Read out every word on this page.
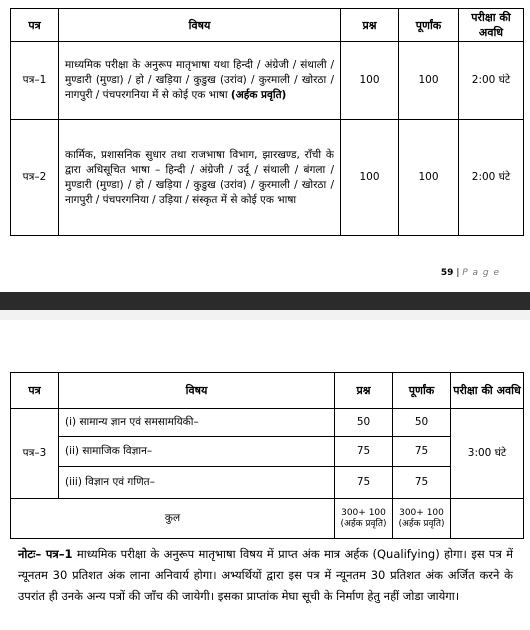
पत्र	विषय	प्रश्न	पूर्णांक	परीक्षा की अवधि
पत्र–1	माध्यमिक परीक्षा के अनुरूप मातृभाषा यथा हिन्दी / अंग्रेजी / संथाली / मुण्डारी (मुण्डा) / हो / खड़िया / कुडुख (उरांव) / कुरमाली / खोरठा / नागपुरी / पंचपरगनिया में से कोई एक भाषा (अर्हक प्रवृति)	100	100	2:00 घंटे
पत्र–2	कार्मिक, प्रशासनिक सुधार तथा राजभाषा विभाग, झारखण्ड, राँची के द्वारा अधिसूचित भाषा – हिन्दी / अंग्रेजी / उर्दू / संथाली / बंगला / मुण्डारी (मुण्डा) / हो / खड़िया / कुडुख (उरांव) / कुरमाली / खोरठा / नागपुरी / पंचपरगनिया / उड़िया / संस्कृत में से कोई एक भाषा	100	100	2:00 घंटे
59 | P a g e
पत्र	विषय	प्रश्न	पूर्णांक	परीक्षा की अवधि
पत्र–3	(i) सामान्य ज्ञान एवं समसामयिकी–	50	50	3:00 घंटे
	(ii) सामाजिक विज्ञान–	75	75	
	(iii) विज्ञान एवं गणित–	75	75	
कुल		300+ 100 (अर्हक प्रवृति)	300+ 100 (अर्हक प्रवृति)	
नोटः– पत्र–1 माध्यमिक परीक्षा के अनुरूप मातृभाषा विषय में प्राप्त अंक मात्र अर्हक (Qualifying) होगा। इस पत्र में न्यूनतम 30 प्रतिशत अंक लाना अनिवार्य होगा। अभ्यर्थियों द्वारा इस पत्र में न्यूनतम 30 प्रतिशत अंक अर्जित करने के उपरांत ही उनके अन्य पत्रों की जाँच की जायेगी। इसका प्राप्तांक मेघा सूची के निर्माण हेतु नहीं जोडा जायेगा।
